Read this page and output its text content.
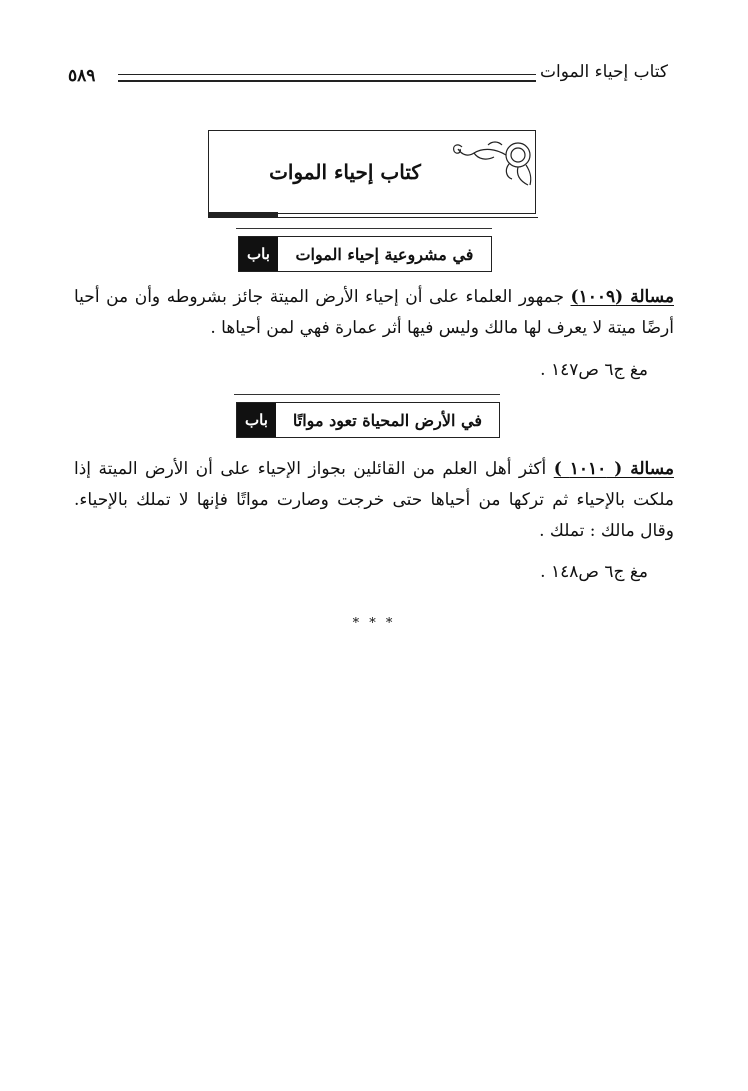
كتاب إحياء الموات
٥٨٩
كتاب إحياء الموات
باب	في مشروعية إحياء الموات
مسالة (١٠٠٩) جمهور العلماء على أن إحياء الأرض الميتة جائز بشروطه وأن من أحيا أرضًا ميتة لا يعرف لها مالك وليس فيها أثر عمارة فهي لمن أحياها .
مغ ج٦ ص١٤٧ .
باب	في الأرض المحياة تعود مواتًا
مسالة ( ١٠١٠ ) أكثر أهل العلم من القائلين بجواز الإحياء على أن الأرض الميتة إذا ملكت بالإحياء ثم تركها من أحياها حتى خرجت وصارت مواتًا فإنها لا تملك بالإحياء. وقال مالك : تملك .
مغ ج٦ ص١٤٨ .
* * *
